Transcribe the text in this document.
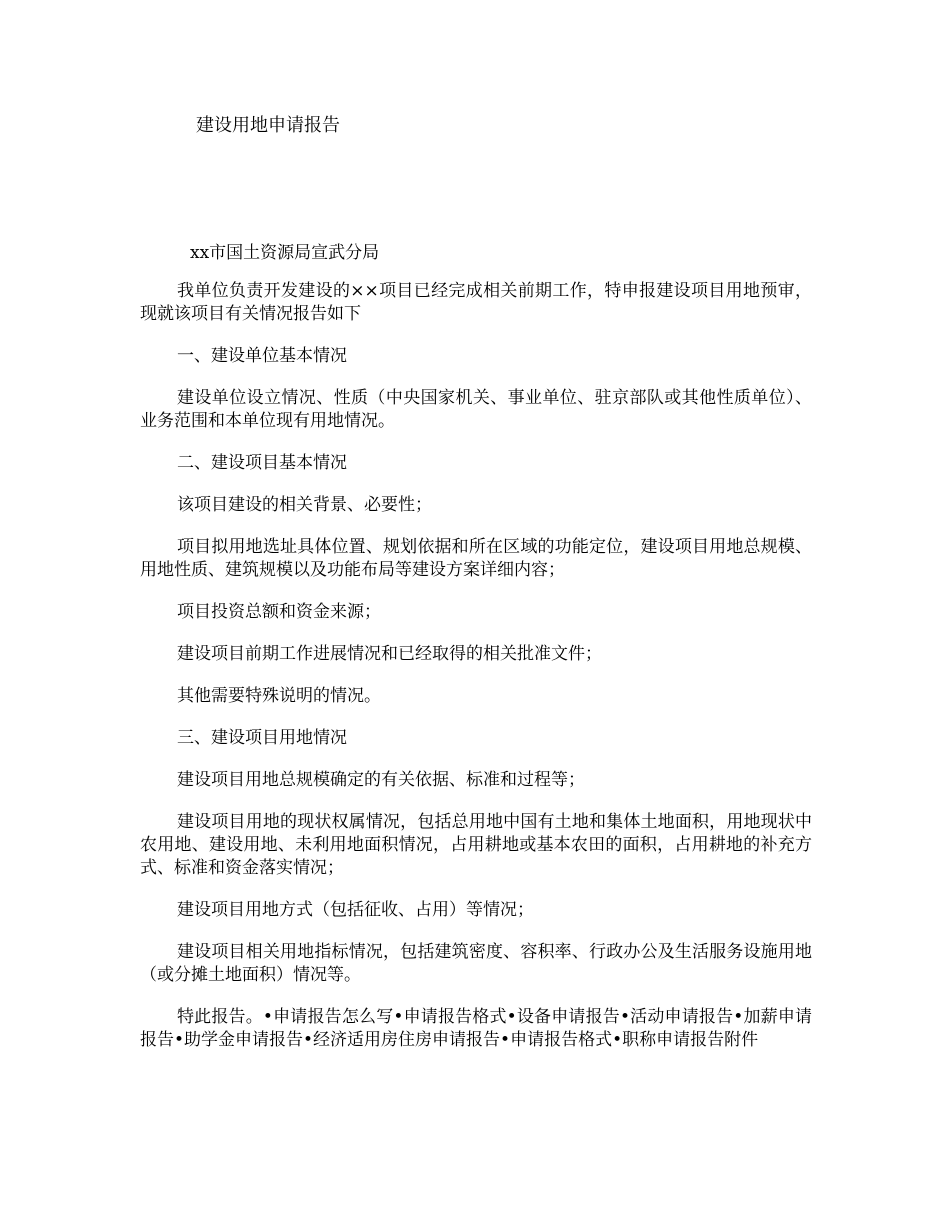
建设用地申请报告
xx市国土资源局宣武分局

我单位负责开发建设的××项目已经完成相关前期工作，特申报建设项目用地预审，现就该项目有关情况报告如下

一、建设单位基本情况

建设单位设立情况、性质（中央国家机关、事业单位、驻京部队或其他性质单位）、业务范围和本单位现有用地情况。

二、建设项目基本情况

该项目建设的相关背景、必要性；

项目拟用地选址具体位置、规划依据和所在区域的功能定位，建设项目用地总规模、用地性质、建筑规模以及功能布局等建设方案详细内容；

项目投资总额和资金来源；

建设项目前期工作进展情况和已经取得的相关批准文件；

其他需要特殊说明的情况。

三、建设项目用地情况

建设项目用地总规模确定的有关依据、标准和过程等；

建设项目用地的现状权属情况，包括总用地中国有土地和集体土地面积，用地现状中农用地、建设用地、未利用地面积情况，占用耕地或基本农田的面积，占用耕地的补充方式、标准和资金落实情况；

建设项目用地方式（包括征收、占用）等情况；

建设项目相关用地指标情况，包括建筑密度、容积率、行政办公及生活服务设施用地（或分摊土地面积）情况等。

特此报告。•申请报告怎么写•申请报告格式•设备申请报告•活动申请报告•加薪申请报告•助学金申请报告•经济适用房住房申请报告•申请报告格式•职称申请报告附件
